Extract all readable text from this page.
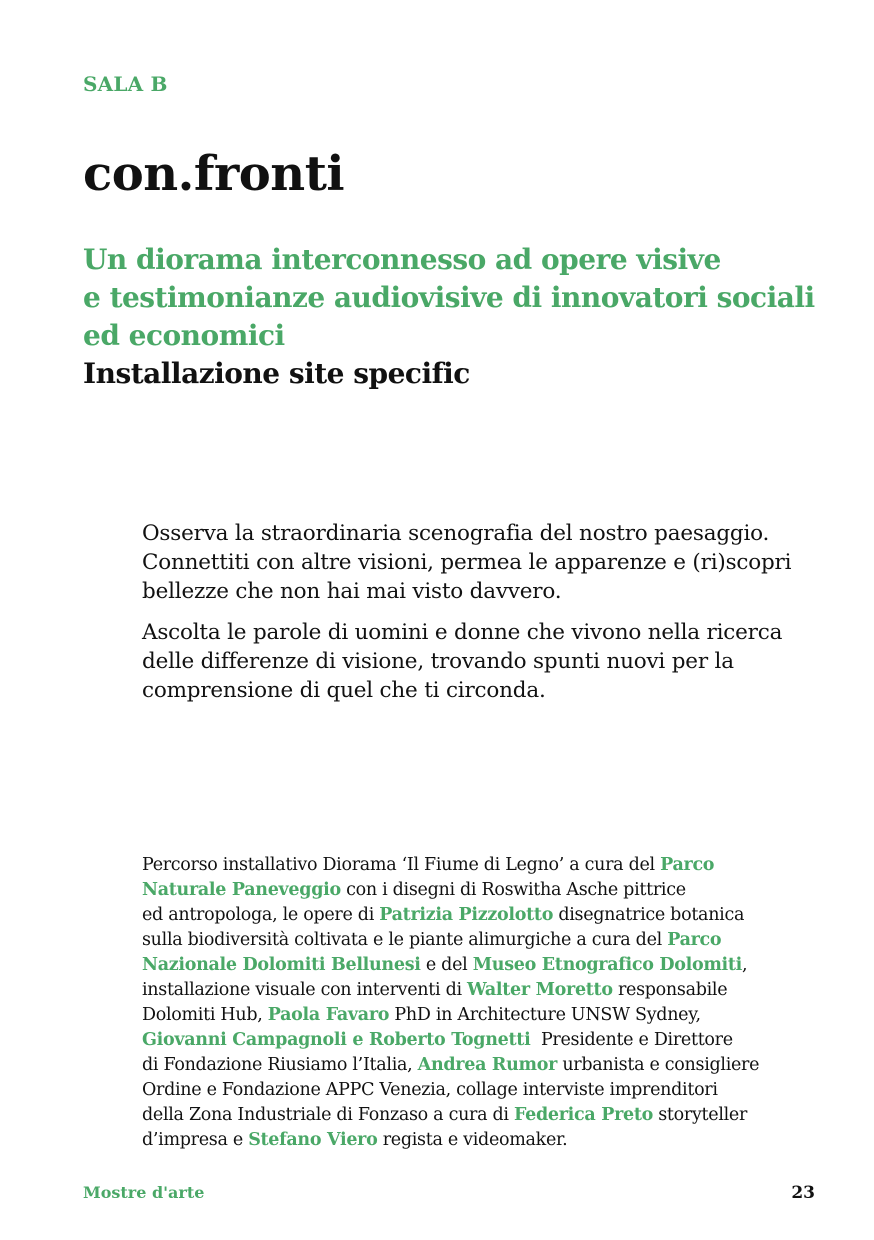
SALA B
con.fronti
Un diorama interconnesso ad opere visive
e testimonianze audiovisive di innovatori sociali
ed economici
Installazione site specific

Osserva la straordinaria scenografia del nostro paesaggio.
Connettiti con altre visioni, permea le apparenze e (ri)scopri
bellezze che non hai mai visto davvero.

Ascolta le parole di uomini e donne che vivono nella ricerca
delle differenze di visione, trovando spunti nuovi per la
comprensione di quel che ti circonda.

Percorso installativo Diorama ‘Il Fiume di Legno’ a cura del Parco
Naturale Paneveggio con i disegni di Roswitha Asche pittrice
ed antropologa, le opere di Patrizia Pizzolotto disegnatrice botanica
sulla biodiversità coltivata e le piante alimurgiche a cura del Parco
Nazionale Dolomiti Bellunesi e del Museo Etnografico Dolomiti,
installazione visuale con interventi di Walter Moretto responsabile
Dolomiti Hub, Paola Favaro PhD in Architecture UNSW Sydney,
Giovanni Campagnoli e Roberto Tognetti  Presidente e Direttore
di Fondazione Riusiamo l’Italia, Andrea Rumor urbanista e consigliere
Ordine e Fondazione APPC Venezia, collage interviste imprenditori
della Zona Industriale di Fonzaso a cura di Federica Preto storyteller
d’impresa e Stefano Viero regista e videomaker.
Mostre d'arte	23
